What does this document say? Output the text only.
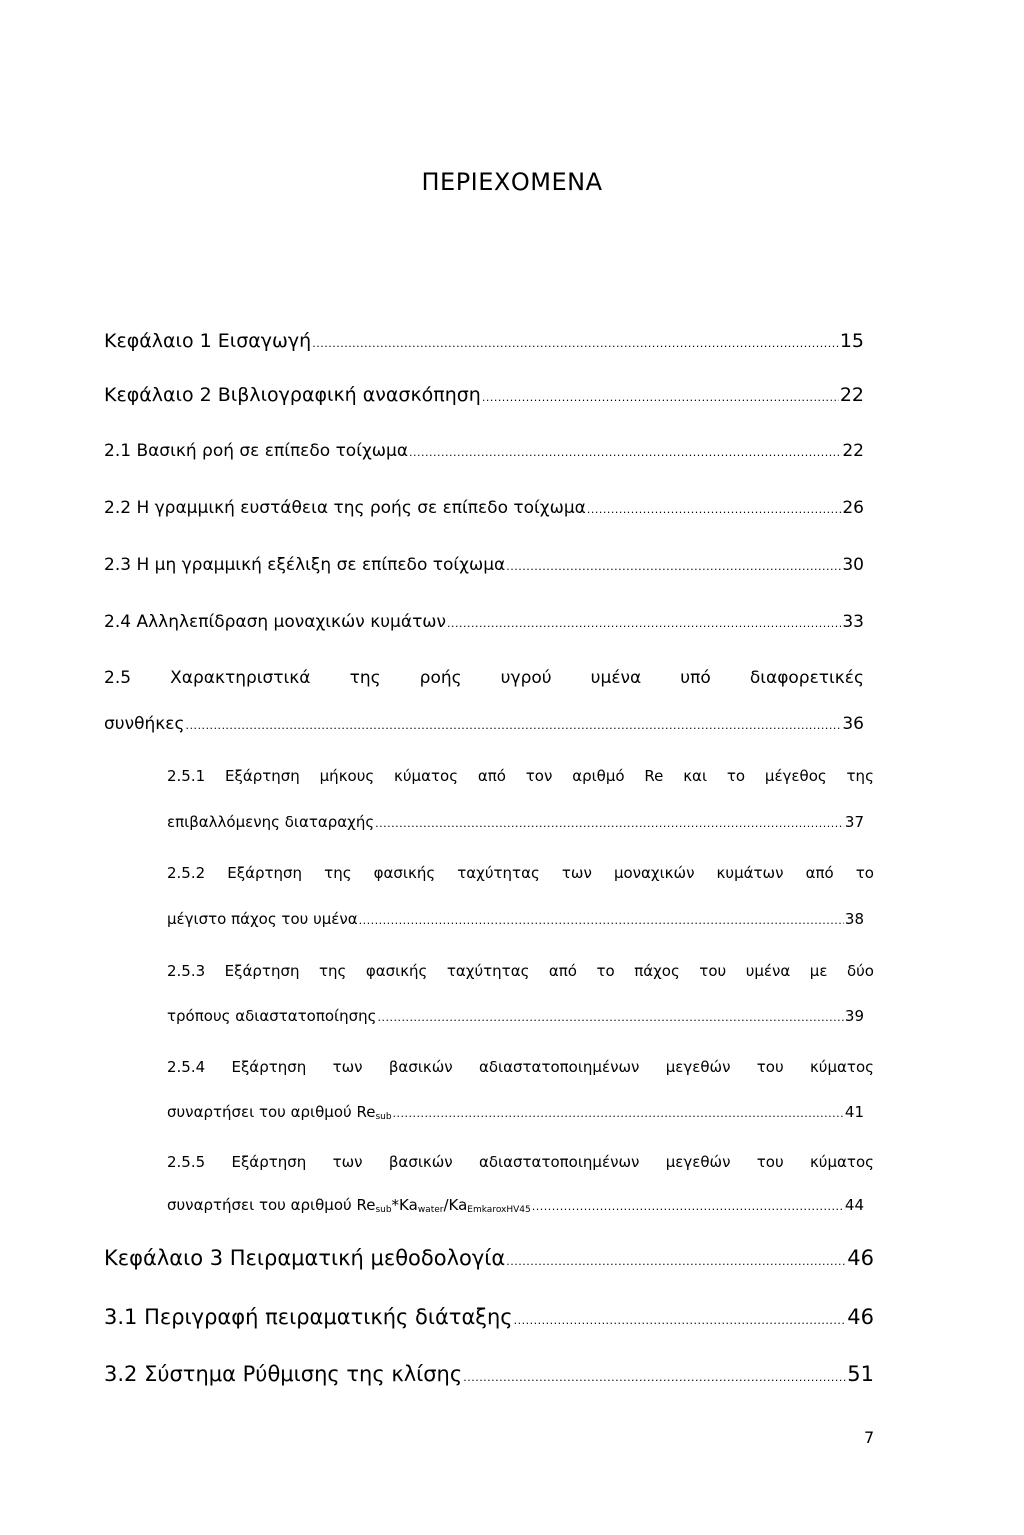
ΠΕΡΙΕΧΟΜΕΝΑ
Κεφάλαιο 1 Εισαγωγή .....	15
Κεφάλαιο 2 Βιβλιογραφική ανασκόπηση .....	22
2.1 Βασική ροή σε επίπεδο τοίχωμα .....	22
2.2 Η γραμμική ευστάθεια της ροής σε επίπεδο τοίχωμα .....	26
2.3 Η μη γραμμική εξέλιξη σε επίπεδο τοίχωμα .....	30
2.4 Αλληλεπίδραση μοναχικών κυμάτων .....	33
2.5 Χαρακτηριστικά της ροής υγρού υμένα υπό διαφορετικές
συνθήκες .....	36
2.5.1 Εξάρτηση μήκους κύματος από τον αριθμό Re και το μέγεθος της
επιβαλλόμενης διαταραχής .....	37
2.5.2 Εξάρτηση της φασικής ταχύτητας των μοναχικών κυμάτων από το
μέγιστο πάχος του υμένα .....	38
2.5.3 Εξάρτηση της φασικής ταχύτητας από το πάχος του υμένα με δύο
τρόπους αδιαστατοποίησης .....	39
2.5.4 Εξάρτηση των βασικών αδιαστατοποιημένων μεγεθών του κύματος
συναρτήσει του αριθμού $Re_{sub}$ .....	41
2.5.5 Εξάρτηση των βασικών αδιαστατοποιημένων μεγεθών του κύματος
συναρτήσει του αριθμού $Re_{sub}*Ka_{water}/Ka_{EmkaroxHV45}$ .....	44
Κεφάλαιο 3 Πειραματική μεθοδολογία .....	46
3.1 Περιγραφή πειραματικής διάταξης .....	46
3.2 Σύστημα Ρύθμισης της κλίσης .....	51
7
